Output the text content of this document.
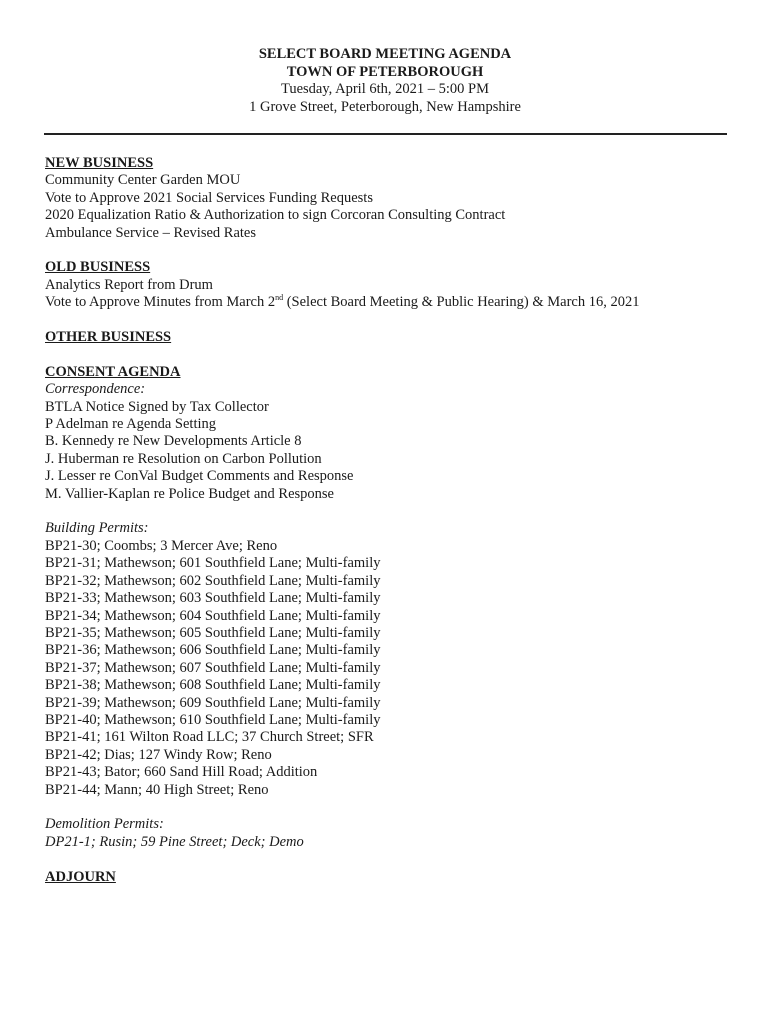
SELECT BOARD MEETING AGENDA
TOWN OF PETERBOROUGH
Tuesday, April 6th, 2021 – 5:00 PM
1 Grove Street, Peterborough, New Hampshire
NEW BUSINESS
Community Center Garden MOU
Vote to Approve 2021 Social Services Funding Requests
2020 Equalization Ratio & Authorization to sign Corcoran Consulting Contract
Ambulance Service – Revised Rates
OLD BUSINESS
Analytics Report from Drum
Vote to Approve Minutes from March 2nd (Select Board Meeting & Public Hearing) & March 16, 2021
OTHER BUSINESS
CONSENT AGENDA
Correspondence:
BTLA Notice Signed by Tax Collector
P Adelman re Agenda Setting
B. Kennedy re New Developments Article 8
J. Huberman re Resolution on Carbon Pollution
J. Lesser re ConVal Budget Comments and Response
M. Vallier-Kaplan re Police Budget and Response
Building Permits:
BP21-30; Coombs; 3 Mercer Ave; Reno
BP21-31; Mathewson; 601 Southfield Lane; Multi-family
BP21-32; Mathewson; 602 Southfield Lane; Multi-family
BP21-33; Mathewson; 603 Southfield Lane; Multi-family
BP21-34; Mathewson; 604 Southfield Lane; Multi-family
BP21-35; Mathewson; 605 Southfield Lane; Multi-family
BP21-36; Mathewson; 606 Southfield Lane; Multi-family
BP21-37; Mathewson; 607 Southfield Lane; Multi-family
BP21-38; Mathewson; 608 Southfield Lane; Multi-family
BP21-39; Mathewson; 609 Southfield Lane; Multi-family
BP21-40; Mathewson; 610 Southfield Lane; Multi-family
BP21-41; 161 Wilton Road LLC; 37 Church Street; SFR
BP21-42; Dias; 127 Windy Row; Reno
BP21-43; Bator; 660 Sand Hill Road; Addition
BP21-44; Mann; 40 High Street; Reno
Demolition Permits:
DP21-1; Rusin; 59 Pine Street; Deck; Demo
ADJOURN
